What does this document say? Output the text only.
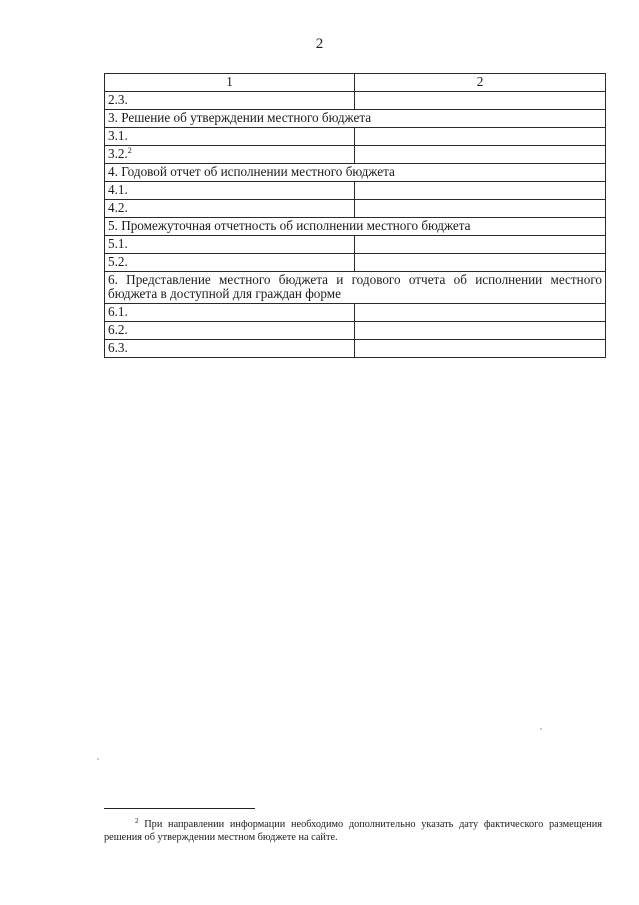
2
1	2
2.3.	
3. Решение об утверждении местного бюджета	
3.1.	
3.2.$^2$	
4. Годовой отчет об исполнении местного бюджета	
4.1.	
4.2.	
5. Промежуточная отчетность об исполнении местного бюджета	
5.1.	
5.2.	
6. Представление местного бюджета и годового отчета об исполнении местного бюджета в доступной для граждан форме	
6.1.	
6.2.	
6.3.	
$^2$ При направлении информации необходимо дополнительно указать дату фактического размещения решения об утверждении местном бюджете на сайте.
